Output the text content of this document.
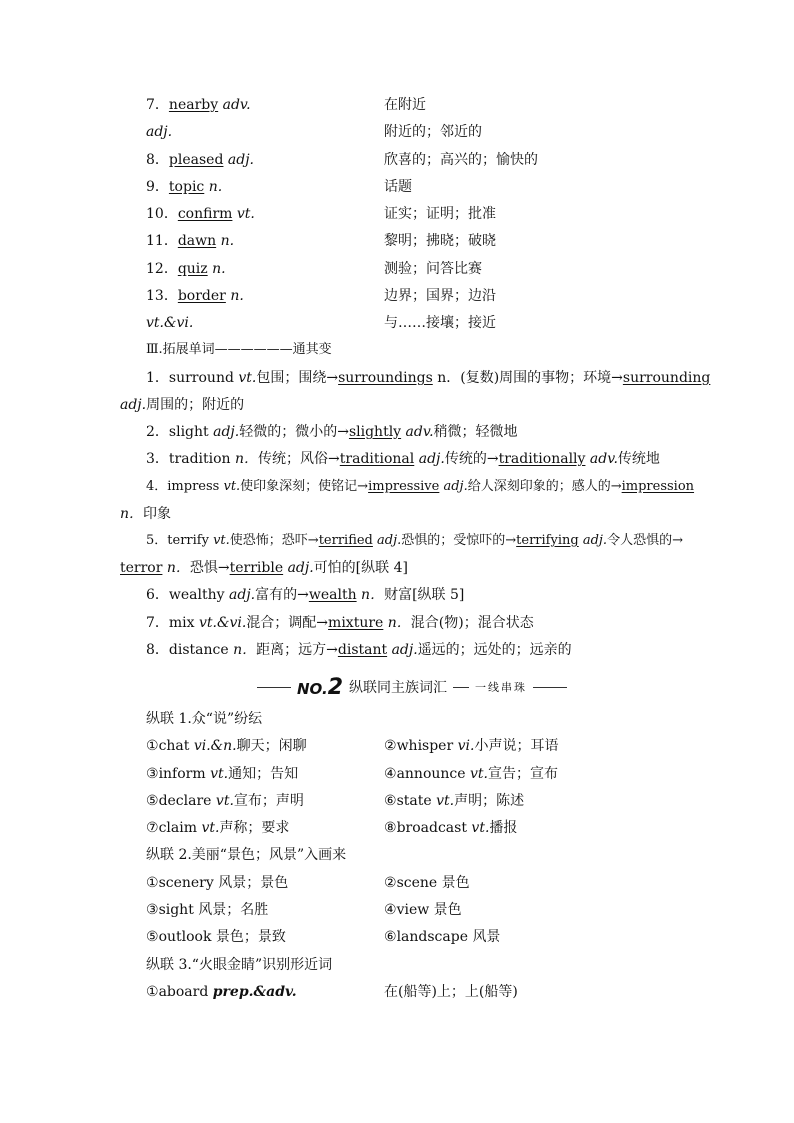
7．nearby adv.	在附近
adj.	附近的；邻近的
8．pleased adj.	欣喜的；高兴的；愉快的
9．topic n.	话题
10．confirm vt.	证实；证明；批准
11．dawn n.	黎明；拂晓；破晓
12．quiz n.	测验；问答比赛
13．border n.	边界；国界；边沿
vt.&vi.	与……接壤；接近
Ⅲ.拓展单词——————通其变
1．surround vt.包围；围绕→surroundings n．(复数)周围的事物；环境→surrounding
adj.周围的；附近的
2．slight adj.轻微的；微小的→slightly adv.稍微；轻微地
3．tradition n．传统；风俗→traditional adj.传统的→traditionally adv.传统地
4．impress vt.使印象深刻；使铭记→impressive adj.给人深刻印象的；感人的→impression
n．印象
5．terrify vt.使恐怖；恐吓→terrified adj.恐惧的；受惊吓的→terrifying adj.令人恐惧的→
terror n．恐惧→terrible adj.可怕的[纵联 4]
6．wealthy adj.富有的→wealth n．财富[纵联 5]
7．mix vt.&vi.混合；调配→mixture n．混合(物)；混合状态
8．distance n．距离；远方→distant adj.遥远的；远处的；远亲的
NO.2 纵联同主族词汇	一线串珠
纵联 1.众“说”纷纭
①chat vi.&n.聊天；闲聊	②whisper vi.小声说；耳语
③inform vt.通知；告知	④announce vt.宣告；宣布
⑤declare vt.宣布；声明	⑥state vt.声明；陈述
⑦claim vt.声称；要求	⑧broadcast vt.播报
纵联 2.美丽“景色；风景”入画来
①scenery 风景；景色	②scene 景色
③sight 风景；名胜	④view 景色
⑤outlook 景色；景致	⑥landscape 风景
纵联 3.“火眼金睛”识别形近词
①aboard prep.&adv.	在(船等)上；上(船等)
